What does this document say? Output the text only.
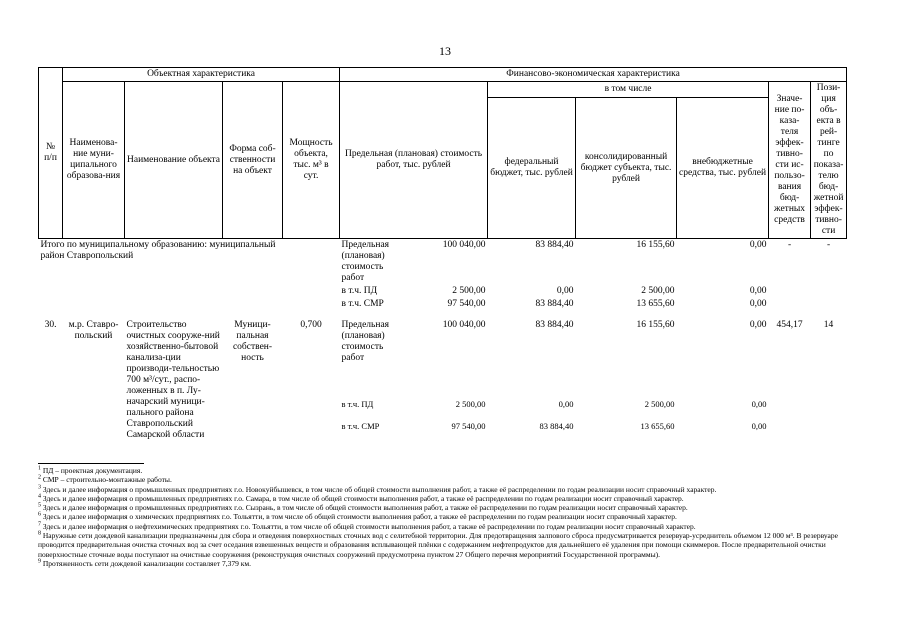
13
№ п/п	Объектная характеристика				Финансово-экономическая характеристика						
	Наименова-ние муни-ципального образова-ния	Наименование объекта	Форма соб-ственности на объект	Мощность объекта, тыс. м³ в сут.	Предельная (плановая) стоимость работ, тыс. рублей		в том числе			Значе-ние по-каза-теля эффек-тивно-сти ис-пользо-вания бюд-жетных средств	Пози-ция объ-екта в рей-тинге по показа-телю бюд-жетной эффек-тивно-сти
							федеральный бюджет, тыс. рублей	консолидированный бюджет субъекта, тыс. рублей	внебюджетные средства, тыс. рублей		
Итого по муниципальному образованию: муниципальный район Ставропольский					Предельная (плановая) стоимость работ	100 040,00	83 884,40	16 155,60	0,00	-	-
					в т.ч. ПД	2 500,00	0,00	2 500,00	0,00		
					в т.ч. СМР	97 540,00	83 884,40	13 655,60	0,00		

30.	м.р. Ставро-польский	Строительство очистных сооруже-ний хозяйственно-бытовой канализа-ции производи-тельностью 700 м³/сут., распо-ложенных в п. Лу-начарский муници-пального района Ставропольский Самарской области	Муници-пальная собствен-ность	0,700	Предельная (плановая) стоимость работ	100 040,00	83 884,40	16 155,60	0,00	454,17	14
					в т.ч. ПД	2 500,00	0,00	2 500,00	0,00		
					в т.ч. СМР	97 540,00	83 884,40	13 655,60	0,00		

$^1$ ПД – проектная документация.

$^2$ СМР – строительно-монтажные работы.

$^3$ Здесь и далее информация о промышленных предприятиях г.о. Новокуйбышевск, в том числе об общей стоимости выполнения работ, а также её распределении по годам реализации носит справочный характер.

$^4$ Здесь и далее информация о промышленных предприятиях г.о. Самара, в том числе об общей стоимости выполнения работ, а также её распределении по годам реализации носит справочный характер.

$^5$ Здесь и далее информация о промышленных предприятиях г.о. Сызрань, в том числе об общей стоимости выполнения работ, а также её распределении по годам реализации носит справочный характер.

$^6$ Здесь и далее информация о химических предприятиях г.о. Тольятти, в том числе об общей стоимости выполнения работ, а также её распределении по годам реализации носит справочный характер.

$^7$ Здесь и далее информация о нефтехимических предприятиях г.о. Тольятти, в том числе об общей стоимости выполнения работ, а также её распределении по годам реализации носит справочный характер.

$^8$ Наружные сети дождевой канализации предназначены для сбора и отведения поверхностных сточных вод с селитебной территории. Для предотвращения залпового сброса предусматривается резервуар-усреднитель объемом 12 000 м³. В резервуаре проводится предварительная очистка сточных вод за счет оседания взвешенных веществ и образования всплывающей плёнки с содержанием нефтепродуктов для дальнейшего её удаления при помощи скиммеров. После предварительной очистки поверхностные сточные воды поступают на очистные сооружения (реконструкция очистных сооружений предусмотрена пунктом 27 Общего перечня мероприятий Государственной программы).

$^9$ Протяженность сети дождевой канализации составляет 7,379 км.
